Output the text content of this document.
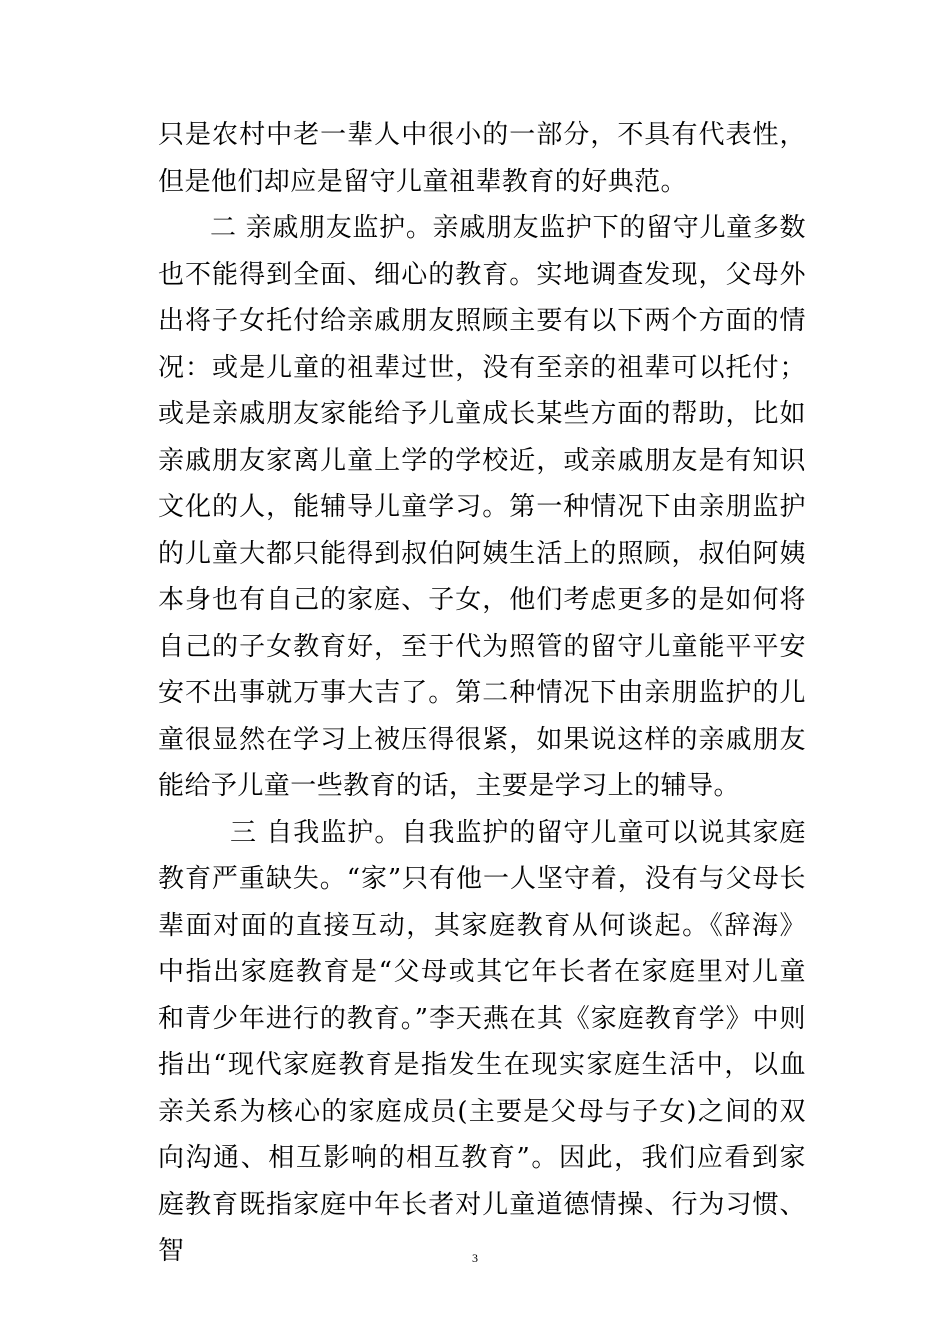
只是农村中老一辈人中很小的一部分，不具有代表性，但是他们却应是留守儿童祖辈教育的好典范。

二 亲戚朋友监护。亲戚朋友监护下的留守儿童多数也不能得到全面、细心的教育。实地调查发现，父母外出将子女托付给亲戚朋友照顾主要有以下两个方面的情况：或是儿童的祖辈过世，没有至亲的祖辈可以托付；或是亲戚朋友家能给予儿童成长某些方面的帮助，比如亲戚朋友家离儿童上学的学校近，或亲戚朋友是有知识文化的人，能辅导儿童学习。第一种情况下由亲朋监护的儿童大都只能得到叔伯阿姨生活上的照顾，叔伯阿姨本身也有自己的家庭、子女，他们考虑更多的是如何将自己的子女教育好，至于代为照管的留守儿童能平平安安不出事就万事大吉了。第二种情况下由亲朋监护的儿童很显然在学习上被压得很紧，如果说这样的亲戚朋友能给予儿童一些教育的话，主要是学习上的辅导。

三 自我监护。自我监护的留守儿童可以说其家庭教育严重缺失。“家”只有他一人坚守着，没有与父母长辈面对面的直接互动，其家庭教育从何谈起。《辞海》中指出家庭教育是“父母或其它年长者在家庭里对儿童和青少年进行的教育。”李天燕在其《家庭教育学》中则指出“现代家庭教育是指发生在现实家庭生活中，以血亲关系为核心的家庭成员(主要是父母与子女)之间的双向沟通、相互影响的相互教育”。因此，我们应看到家庭教育既指家庭中年长者对儿童道德情操、行为习惯、智	3
